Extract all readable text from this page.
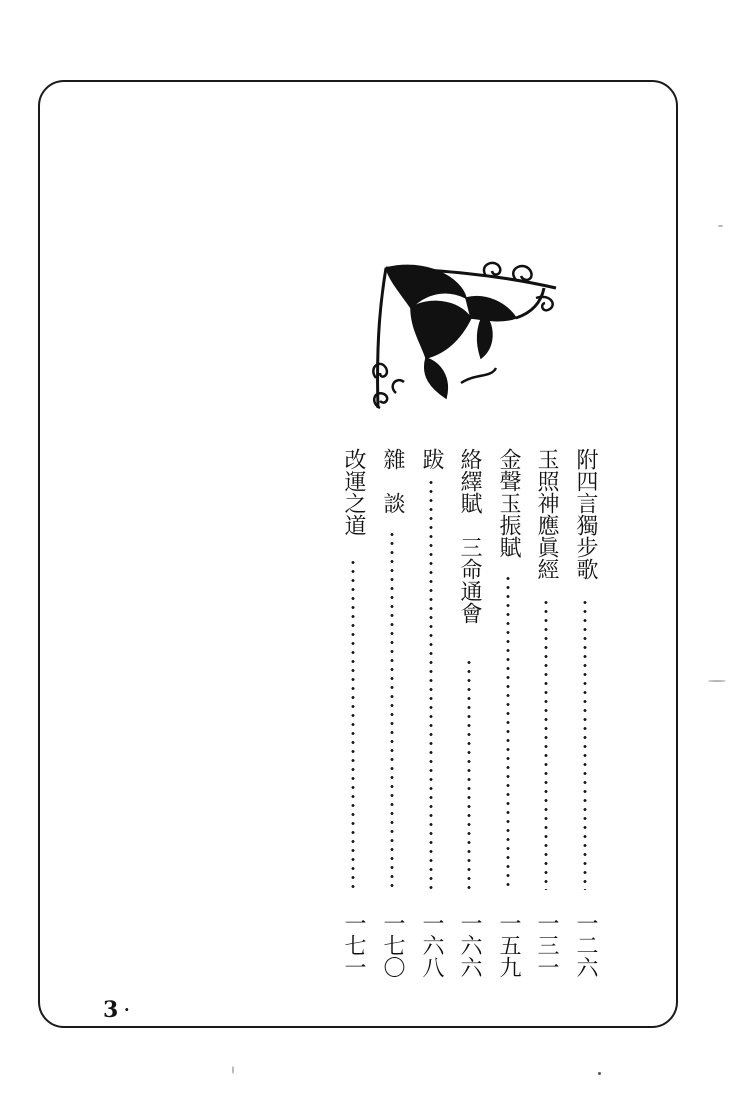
附四言獨步歌
一二六
玉照神應眞經
一三一
金聲玉振賦
一五九
絡繹賦　三命通會
一六六
跋
一六八
雜　談
一七〇
改運之道
一七一
3 ·
